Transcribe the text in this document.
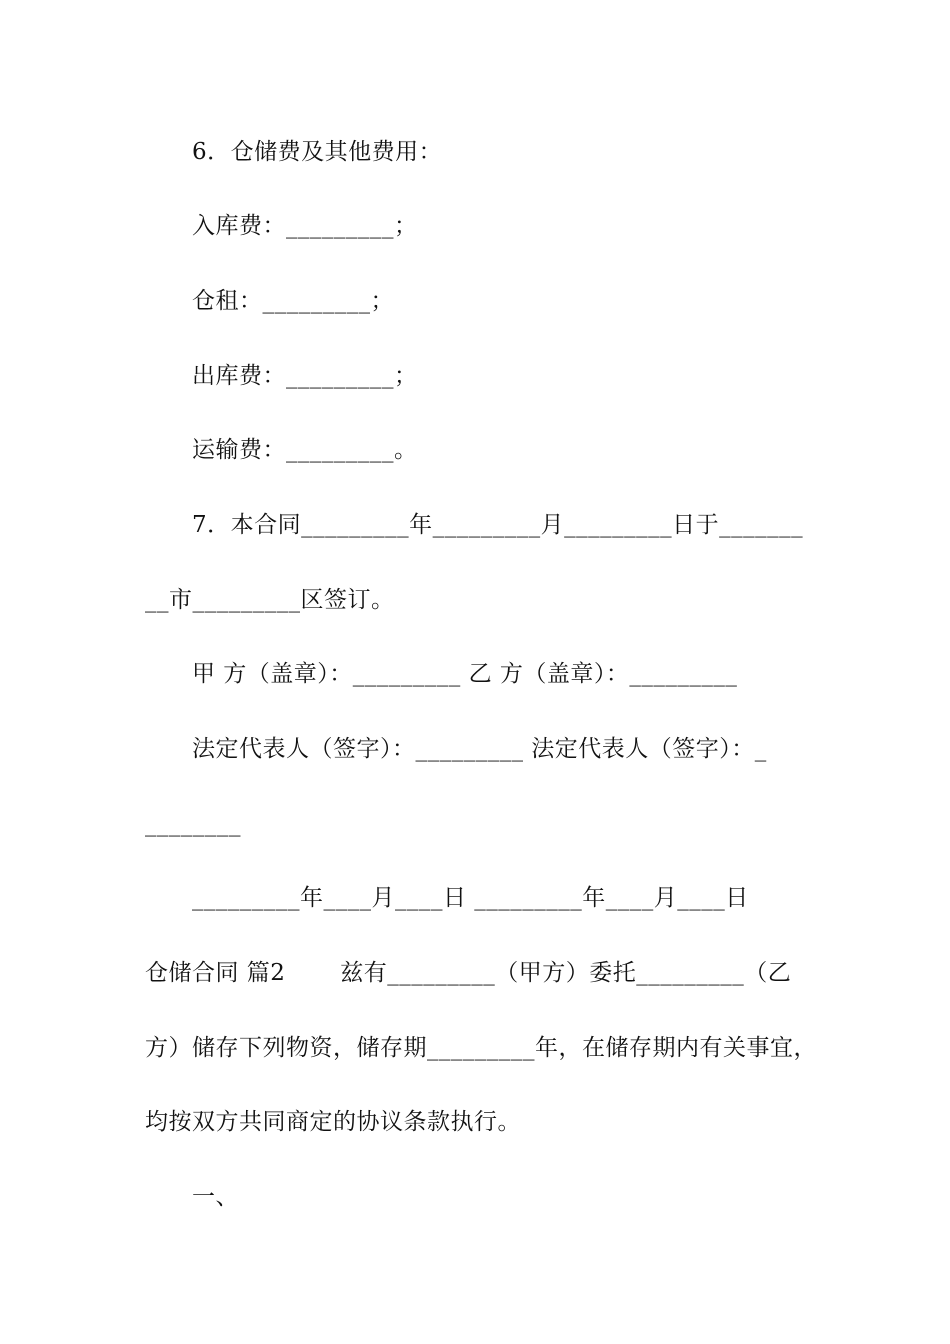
6．仓储费及其他费用：
入库费：_________；
仓租：_________；
出库费：_________；
运输费：_________。
7．本合同_________年_________月_________日于_______
__市_________区签订。
甲 方（盖章）：_________ 乙 方（盖章）：_________
法定代表人（签字）：_________ 法定代表人（签字）：_
________
_________年____月____日 _________年____月____日
仓储合同 篇2 　　兹有_________（甲方）委托_________（乙
方）储存下列物资，储存期_________年，在储存期内有关事宜，
均按双方共同商定的协议条款执行。
一、
